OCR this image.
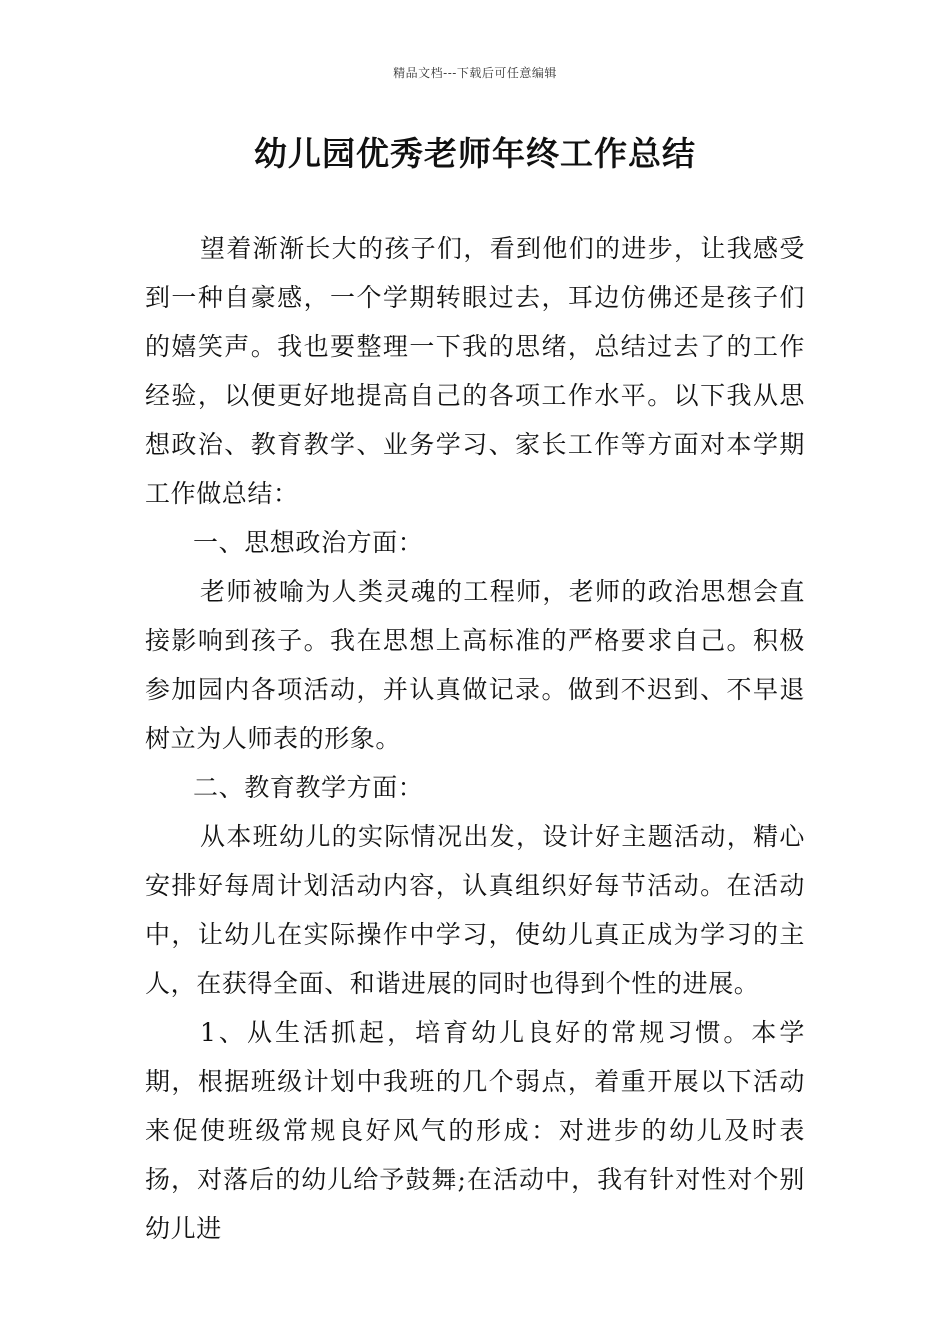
精品文档---下载后可任意编辑
幼儿园优秀老师年终工作总结

望着渐渐长大的孩子们，看到他们的进步，让我感受到一种自豪感，一个学期转眼过去，耳边仿佛还是孩子们的嬉笑声。我也要整理一下我的思绪，总结过去了的工作经验，以便更好地提高自己的各项工作水平。以下我从思想政治、教育教学、业务学习、家长工作等方面对本学期工作做总结：

一、思想政治方面：

老师被喻为人类灵魂的工程师，老师的政治思想会直接影响到孩子。我在思想上高标准的严格要求自己。积极参加园内各项活动，并认真做记录。做到不迟到、不早退树立为人师表的形象。

二、教育教学方面：

从本班幼儿的实际情况出发，设计好主题活动，精心安排好每周计划活动内容，认真组织好每节活动。在活动中，让幼儿在实际操作中学习，使幼儿真正成为学习的主人，在获得全面、和谐进展的同时也得到个性的进展。

1、从生活抓起，培育幼儿良好的常规习惯。本学期，根据班级计划中我班的几个弱点，着重开展以下活动来促使班级常规良好风气的形成：对进步的幼儿及时表扬，对落后的幼儿给予鼓舞;在活动中，我有针对性对个别幼儿进
